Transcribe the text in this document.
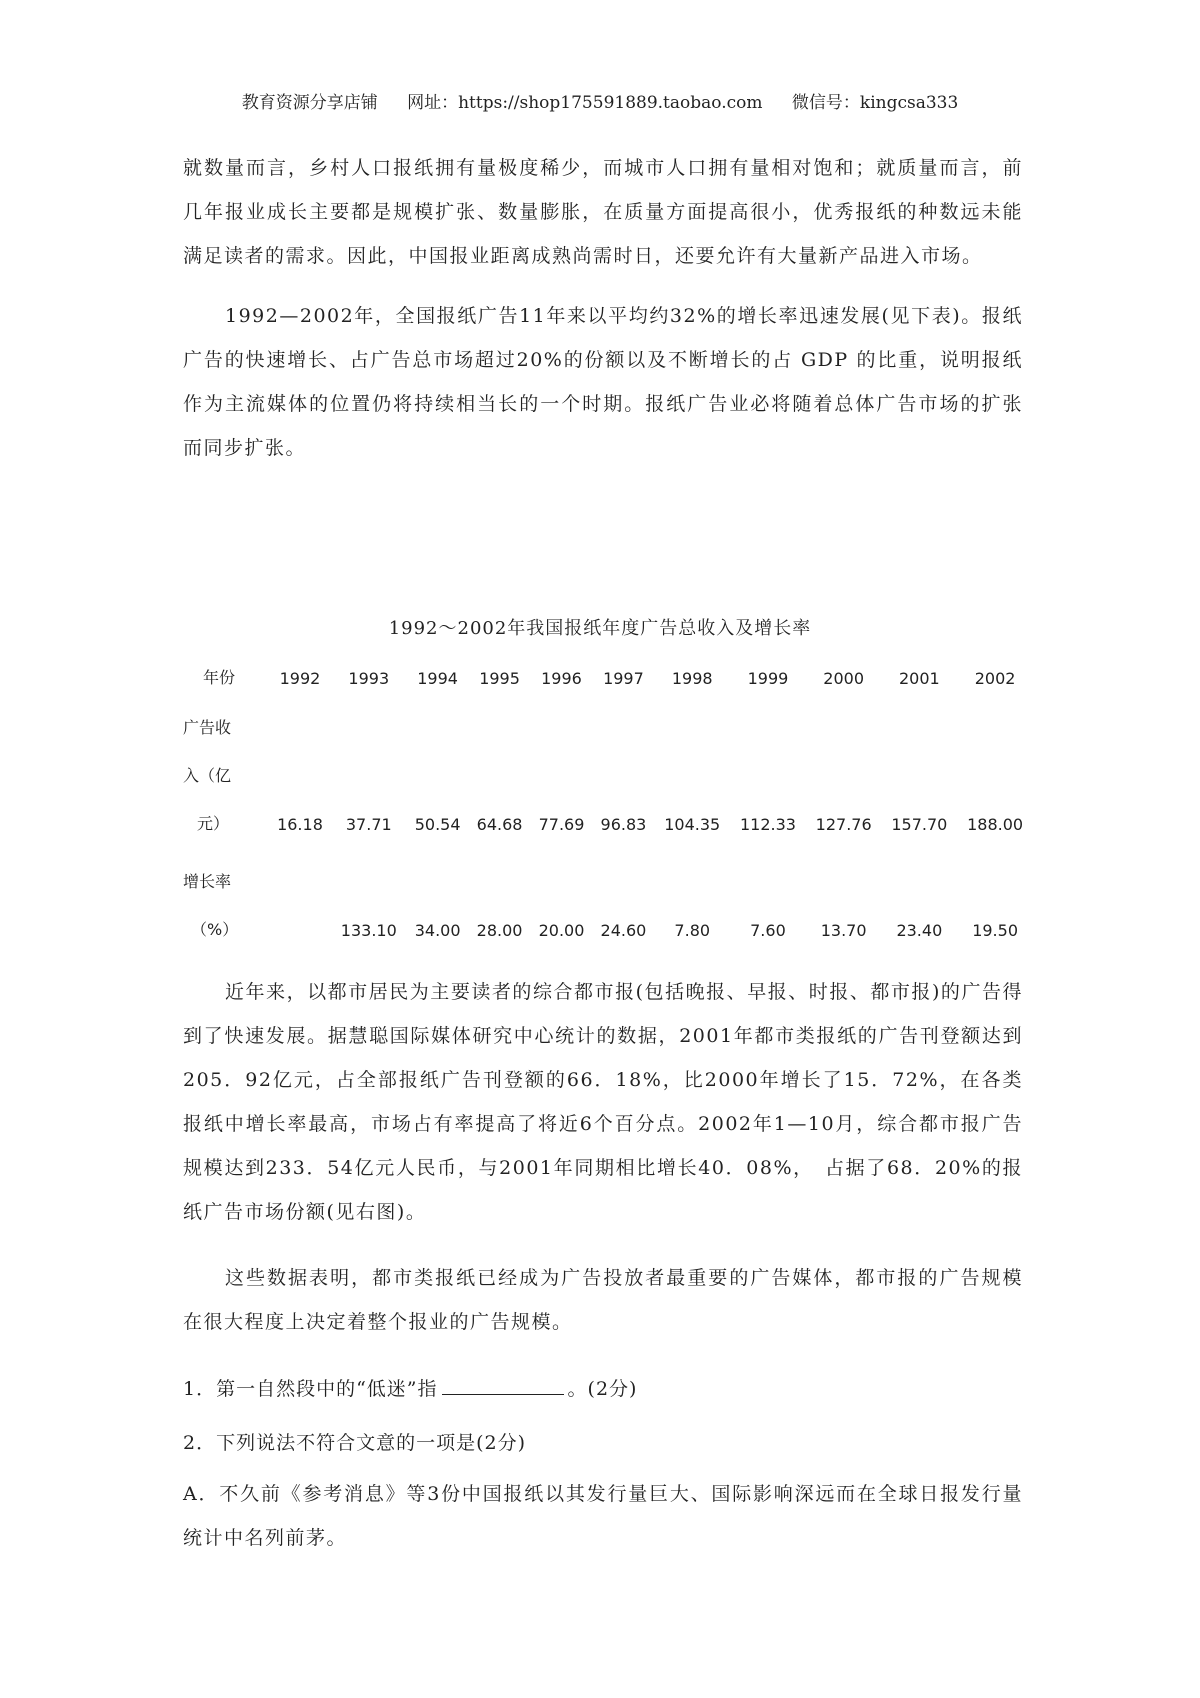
教育资源分享店铺 网址：https://shop175591889.taobao.com 微信号：kingcsa333

就数量而言，乡村人口报纸拥有量极度稀少，而城市人口拥有量相对饱和；就质量而言，前几年报业成长主要都是规模扩张、数量膨胀，在质量方面提高很小，优秀报纸的种数远未能满足读者的需求。因此，中国报业距离成熟尚需时日，还要允许有大量新产品进入市场。

1992—2002年，全国报纸广告11年来以平均约32%的增长率迅速发展(见下表)。报纸广告的快速增长、占广告总市场超过20%的份额以及不断增长的占 GDP 的比重，说明报纸作为主流媒体的位置仍将持续相当长的一个时期。报纸广告业必将随着总体广告市场的扩张而同步扩张。

1992～2002年我国报纸年度广告总收入及增长率
年份	1992	1993	1994	1995	1996	1997	1998	1999	2000	2001	2002

广告收
入（亿
元）	16.18	37.71	50.54	64.68	77.69	96.83	104.35	112.33	127.76	157.70	188.00

增长率
（%）		133.10	34.00	28.00	20.00	24.60	7.80	7.60	13.70	23.40	19.50

近年来，以都市居民为主要读者的综合都市报(包括晚报、早报、时报、都市报)的广告得到了快速发展。据慧聪国际媒体研究中心统计的数据，2001年都市类报纸的广告刊登额达到205．92亿元，占全部报纸广告刊登额的66．18%，比2000年增长了15．72%，在各类报纸中增长率最高，市场占有率提高了将近6个百分点。2002年1—10月，综合都市报广告规模达到233．54亿元人民币，与2001年同期相比增长40．08%，　占据了68．20%的报纸广告市场份额(见右图)。

这些数据表明，都市类报纸已经成为广告投放者最重要的广告媒体，都市报的广告规模在很大程度上决定着整个报业的广告规模。

1．第一自然段中的“低迷”指	。(2分)

2．下列说法不符合文意的一项是(2分)

A．不久前《参考消息》等3份中国报纸以其发行量巨大、国际影响深远而在全球日报发行量统计中名列前茅。
